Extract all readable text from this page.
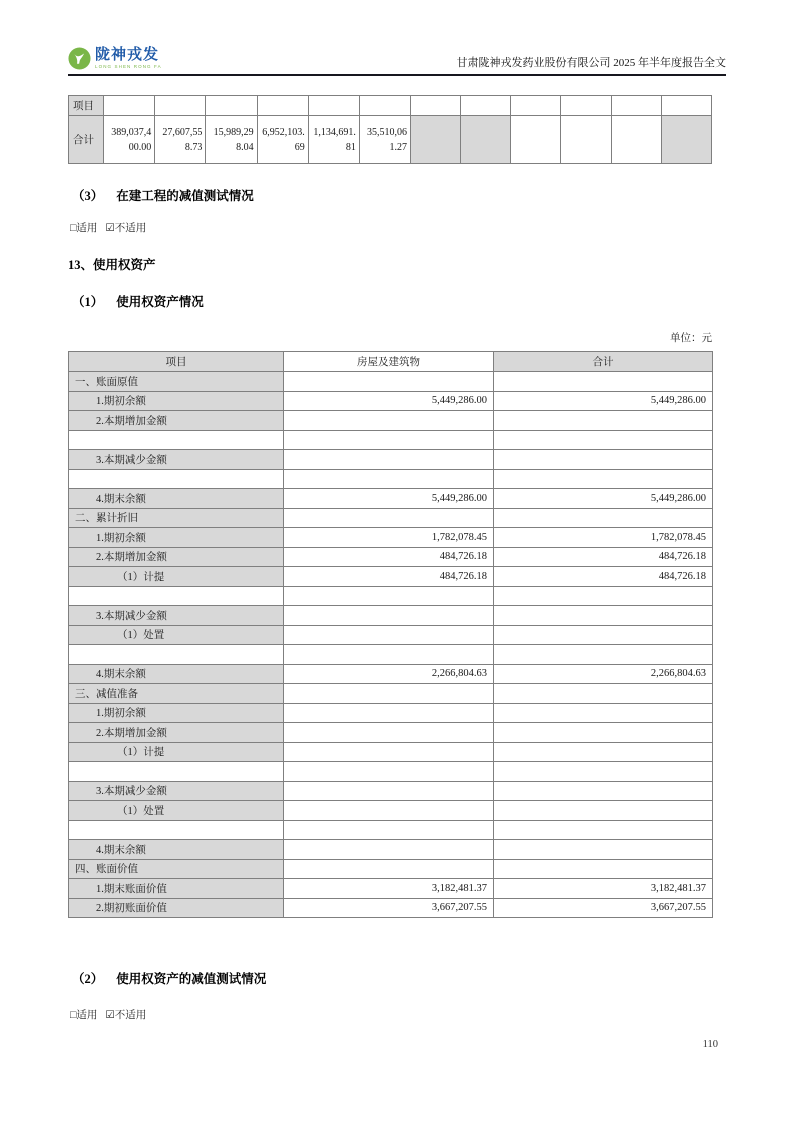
陇神戎发
LONG SHEN RONG FA	甘肃陇神戎发药业股份有限公司 2025 年半年度报告全文
项目												
合计	389,037,400.00	27,607,558.73	15,989,298.04	6,952,103.69	1,134,691.81	35,510,061.27						
（3） 在建工程的减值测试情况
□适用 ☑不适用
13、使用权资产
（1） 使用权资产情况
单位：元
项目	房屋及建筑物	合计
一、账面原值		
1.期初余额	5,449,286.00	5,449,286.00
2.本期增加金额		

3.本期减少金额		

4.期末余额	5,449,286.00	5,449,286.00
二、累计折旧		
1.期初余额	1,782,078.45	1,782,078.45
2.本期增加金额	484,726.18	484,726.18
（1）计提	484,726.18	484,726.18

3.本期减少金额		
（1）处置		

4.期末余额	2,266,804.63	2,266,804.63
三、减值准备		
1.期初余额		
2.本期增加金额		
（1）计提		

3.本期减少金额		
（1）处置		

4.期末余额		
四、账面价值		
1.期末账面价值	3,182,481.37	3,182,481.37
2.期初账面价值	3,667,207.55	3,667,207.55
（2） 使用权资产的减值测试情况
□适用 ☑不适用
110
